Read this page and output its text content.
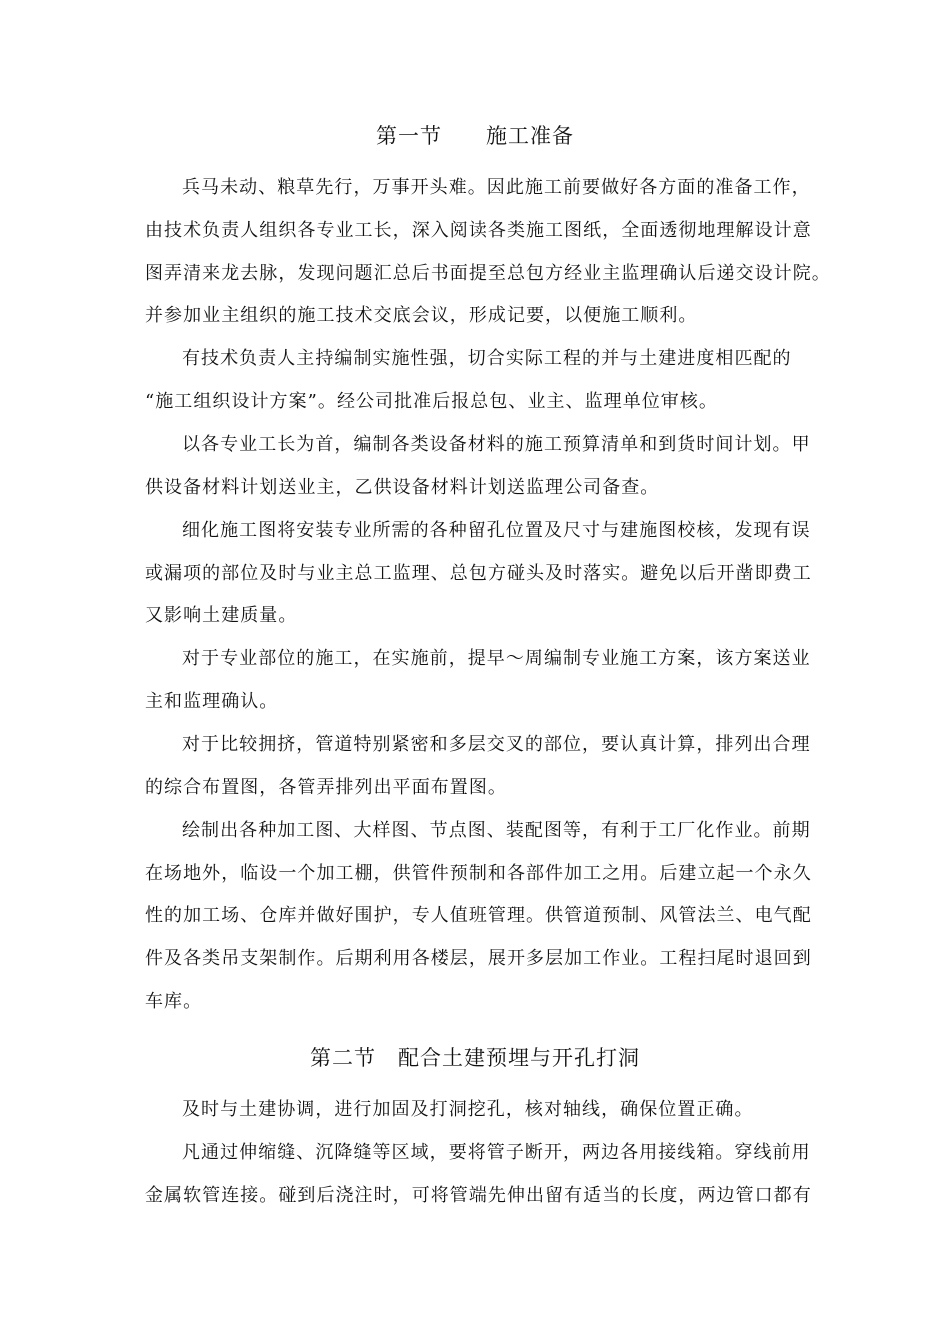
第一节　　施工准备
兵马未动、粮草先行，万事开头难。因此施工前要做好各方面的准备工作，
由技术负责人组织各专业工长，深入阅读各类施工图纸，全面透彻地理解设计意
图弄清来龙去脉，发现问题汇总后书面提至总包方经业主监理确认后递交设计院。
并参加业主组织的施工技术交底会议，形成记要，以便施工顺利。
有技术负责人主持编制实施性强，切合实际工程的并与土建进度相匹配的
“施工组织设计方案”。经公司批准后报总包、业主、监理单位审核。
以各专业工长为首，编制各类设备材料的施工预算清单和到货时间计划。甲
供设备材料计划送业主，乙供设备材料计划送监理公司备查。
细化施工图将安装专业所需的各种留孔位置及尺寸与建施图校核，发现有误
或漏项的部位及时与业主总工监理、总包方碰头及时落实。避免以后开凿即费工
又影响土建质量。
对于专业部位的施工，在实施前，提早～周编制专业施工方案，该方案送业
主和监理确认。
对于比较拥挤，管道特别紧密和多层交叉的部位，要认真计算，排列出合理
的综合布置图，各管弄排列出平面布置图。
绘制出各种加工图、大样图、节点图、装配图等，有利于工厂化作业。前期
在场地外，临设一个加工棚，供管件预制和各部件加工之用。后建立起一个永久
性的加工场、仓库并做好围护，专人值班管理。供管道预制、风管法兰、电气配
件及各类吊支架制作。后期利用各楼层，展开多层加工作业。工程扫尾时退回到
车库。
第二节　配合土建预埋与开孔打洞
及时与土建协调，进行加固及打洞挖孔，核对轴线，确保位置正确。
凡通过伸缩缝、沉降缝等区域，要将管子断开，两边各用接线箱。穿线前用
金属软管连接。碰到后浇注时，可将管端先伸出留有适当的长度，两边管口都有
